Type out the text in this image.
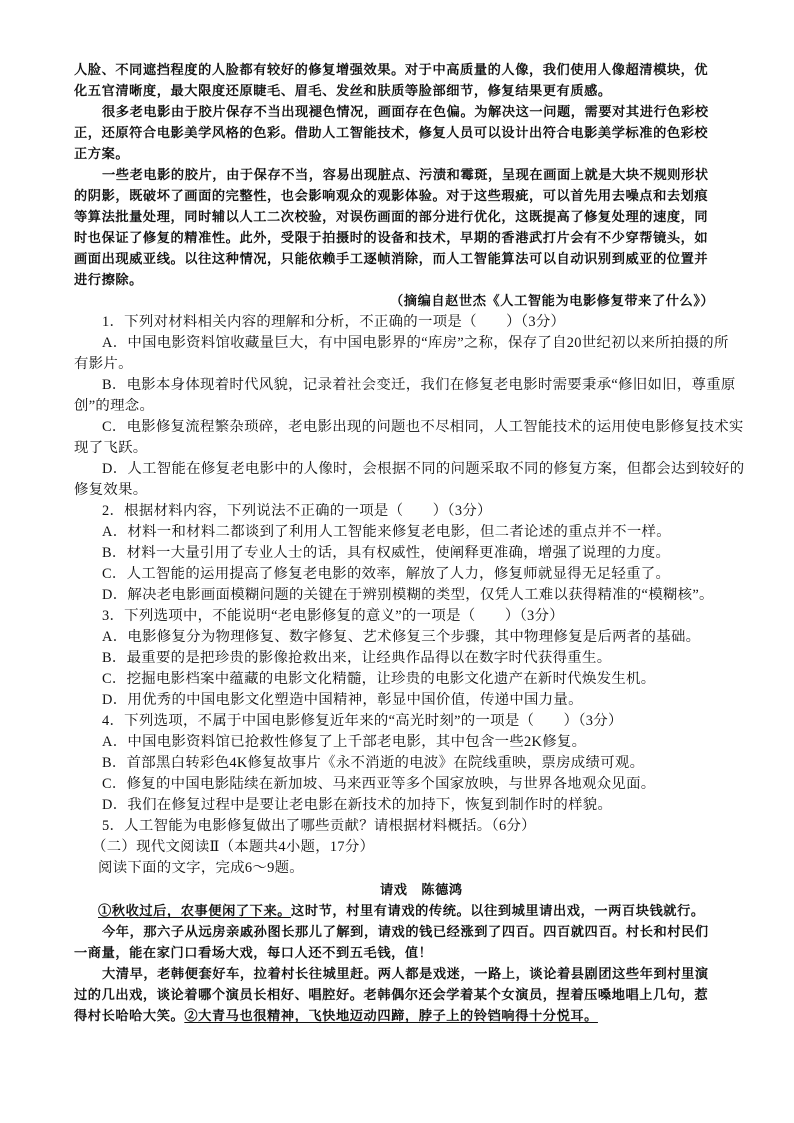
人脸、不同遮挡程度的人脸都有较好的修复增强效果。对于中高质量的人像，我们使用人像超清模块，优
化五官清晰度，最大限度还原睫毛、眉毛、发丝和肤质等脸部细节，修复结果更有质感。
很多老电影由于胶片保存不当出现褪色情况，画面存在色偏。为解决这一问题，需要对其进行色彩校
正，还原符合电影美学风格的色彩。借助人工智能技术，修复人员可以设计出符合电影美学标准的色彩校
正方案。
一些老电影的胶片，由于保存不当，容易出现脏点、污渍和霉斑，呈现在画面上就是大块不规则形状
的阴影，既破坏了画面的完整性，也会影响观众的观影体验。对于这些瑕疵，可以首先用去噪点和去划痕
等算法批量处理，同时辅以人工二次校验，对误伤画面的部分进行优化，这既提高了修复处理的速度，同
时也保证了修复的精准性。此外，受限于拍摄时的设备和技术，早期的香港武打片会有不少穿帮镜头，如
画面出现威亚线。以往这种情况，只能依赖手工逐帧消除，而人工智能算法可以自动识别到威亚的位置并
进行擦除。
（摘编自赵世杰《人工智能为电影修复带来了什么》）
1．下列对材料相关内容的理解和分析，不正确的一项是（　　）（3分）
A．中国电影资料馆收藏量巨大，有中国电影界的“库房”之称，保存了自20世纪初以来所拍摄的所
有影片。
B．电影本身体现着时代风貌，记录着社会变迁，我们在修复老电影时需要秉承“修旧如旧，尊重原
创”的理念。
C．电影修复流程繁杂琐碎，老电影出现的问题也不尽相同，人工智能技术的运用使电影修复技术实
现了飞跃。
D．人工智能在修复老电影中的人像时，会根据不同的问题采取不同的修复方案，但都会达到较好的
修复效果。
2．根据材料内容，下列说法不正确的一项是（　　）（3分）
A．材料一和材料二都谈到了利用人工智能来修复老电影，但二者论述的重点并不一样。
B．材料一大量引用了专业人士的话，具有权威性，使阐释更准确，增强了说理的力度。
C．人工智能的运用提高了修复老电影的效率，解放了人力，修复师就显得无足轻重了。
D．解决老电影画面模糊问题的关键在于辨别模糊的类型，仅凭人工难以获得精准的“模糊核”。
3．下列选项中，不能说明“老电影修复的意义”的一项是（　　）（3分）
A．电影修复分为物理修复、数字修复、艺术修复三个步骤，其中物理修复是后两者的基础。
B．最重要的是把珍贵的影像抢救出来，让经典作品得以在数字时代获得重生。
C．挖掘电影档案中蕴藏的电影文化精髓，让珍贵的电影文化遗产在新时代焕发生机。
D．用优秀的中国电影文化塑造中国精神，彰显中国价值，传递中国力量。
4．下列选项，不属于中国电影修复近年来的“高光时刻”的一项是（　　）（3分）
A．中国电影资料馆已抢救性修复了上千部老电影，其中包含一些2K修复。
B．首部黑白转彩色4K修复故事片《永不消逝的电波》在院线重映，票房成绩可观。
C．修复的中国电影陆续在新加坡、马来西亚等多个国家放映，与世界各地观众见面。
D．我们在修复过程中是要让老电影在新技术的加持下，恢复到制作时的样貌。
5．人工智能为电影修复做出了哪些贡献？请根据材料概括。（6分）
（二）现代文阅读Ⅱ（本题共4小题，17分）
阅读下面的文字，完成6～9题。
请戏　陈德鸿
①秋收过后，农事便闲了下来。这时节，村里有请戏的传统。以往到城里请出戏，一两百块钱就行。
今年，那六子从远房亲戚孙图长那儿了解到，请戏的钱已经涨到了四百。四百就四百。村长和村民们
一商量，能在家门口看场大戏，每口人还不到五毛钱，值！
大清早，老韩便套好车，拉着村长往城里赶。两人都是戏迷，一路上，谈论着县剧团这些年到村里演
过的几出戏，谈论着哪个演员长相好、唱腔好。老韩偶尔还会学着某个女演员，捏着压嗓地唱上几句，惹
得村长哈哈大笑。②大青马也很精神，飞快地迈动四蹄，脖子上的铃铛响得十分悦耳。
